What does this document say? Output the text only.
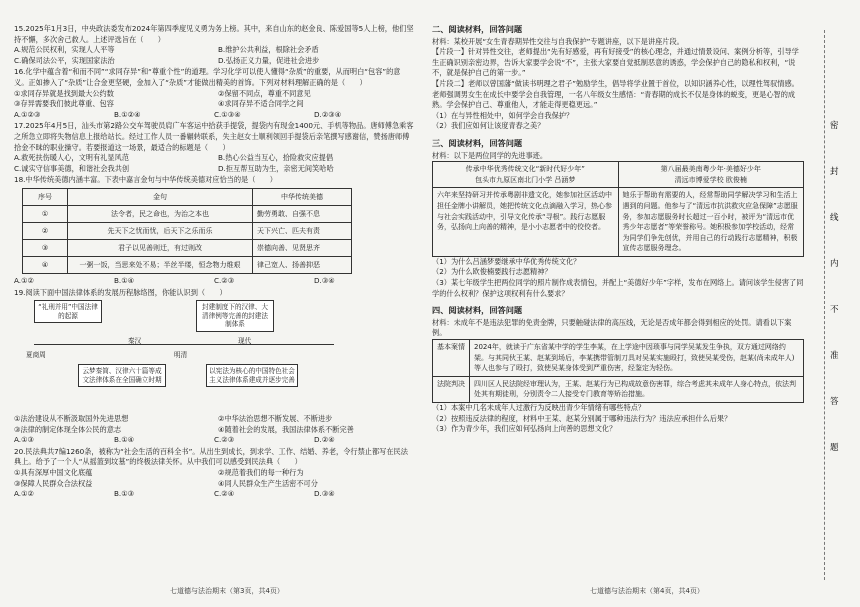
15.2025年1月3日，中央政法委发布2024年第四季度见义勇为务上榜。其中，来自山东的赵金良、陈爱国等5人上榜，他们坚持不懈，多次舍己救人。上述评选旨在（　　）

A.规范公民权利，实现人人平等	B.维护公共利益，根除社会矛盾
C.确保司法公平，实现国家法治	D.弘扬正义力量，促进社会进步

16.化学中蕴含着“和而不同”“求同存异”和“尊重个性”的道理。学习化学可以使人懂得“杂质”的重要，从而明白“包容”的意义。正如掺入了“杂质”让合金更坚硬，金加入了“杂质”才能做出精美的首饰。下列对材料理解正确的是（　　）

①求同存异就是找到最大公约数	②保留不同点，尊重不同意见
③存异需要我们彼此尊重、包容	④求同存异不适合同学之间
A.①②③	B.①②④	C.①③④	D.②③④

17.2025年4月5日，汕头市第2路公交车驾驶员肩广车客运中拾获手提袋，提袋内有现金1400元、手机等物品。唐师傅急乘客之所急立即将失物信息上报给站长。经过工作人员一番辗转联系，失主赵女士顺利领回手提袋后亲笔撰写感谢信，赞扬唐师傅拾金不昧的职业操守。若要报道这一场景，最适合的标题是（　　）

A.救死扶伤暖人心，文明有礼显风范	B.热心公益当互心，拾险救灾应提倡
C.诚实守信事美德，和谐社会我共创	D.拒互帮互助为生，亲密无间笑哈哈

18.中华传统美德内涵丰富。下表中嘉言金句与中华传统美德对应恰当的是（　　）

序号	金句	中华传统美德
①	法令者，民之命也，为治之本也	勤劳勇敢、自强不息
②	先天下之忧而忧，后天下之乐而乐	天下兴亡、匹夫有责
③	君子以见善则迁，有过则改	崇德向善、见贤思齐
④	一粥一饭，当思来处不易；半丝半缕，恒念物力维艰	律己宽人、扬善抑恶
A.①②	B.①④	C.②③	D.③④

19.阅读下面中国法律体系的发展历程脉络图，你能认识到（　　）

“礼刑并用”中国法律的起源
封建制度下的汉律、大清律例等完善的封建法制体系
夏商周
秦汉
明清
现代
云梦秦简、汉律六十篇等成文法律体系在全国确立时期
以宪法为核心的中国特色社会主义法律体系建成并逐步完善
①法治建设从不断汲取国外先进思想	②中华法治思想不断发展、不断进步
③法律的制定体现全体公民的意志	④随着社会的发展，我国法律体系不断完善
A.①③	B.①④	C.②③	D.②④

20.民法典共7编1260条，被称为“社会生活的百科全书”。从出生到成长，到求学、工作、结婚、养老，令行禁止都写在民法典上。给予了一个人“从摇篮到坟墓”的终极法律关怀。从中我们可以感受到民法典（　　）

①具有深厚中国文化底蕴	②规范着我们的每一种行为
③保障人民群众合法权益	④同人民群众生产生活密不可分
A.①②	B.①③	C.②④	D.③④
二、阅读材料，回答问题

材料：某校开展“女生青春期异性交往与自我保护”专题讲座，以下是讲座片段。

【片段一】针对异性交往，老师提出“先有好感爱，再有好接受”的核心理念，并通过情景设问、案例分析等，引导学生正确识别亲密边界，告诉大家要学会说“不”，主张大家要自觉抵制恶意的诱惑，学会保护自己的隐私和权利，“说不，就是保护自己的第一步。”

【片段二】老师以曾国藩“做读书明理之君子”勉励学生，倡导将学业置于首位，以知识涵养心性，以理性驾驭情感。老师强调男女生在成长中要学会自我管理，一名八年级女生感悟：“青春期的成长不仅是身体的蜕变，更是心智的成熟。学会保护自己、尊重他人，才能走得更稳更远。”

（1）在与异性相处中，如何学会自我保护？

（2）我们应如何让该度青春之美？

三、阅读材料，回答问题

材料：以下是两位同学的先进事迹。

传承中华优秀传统文化“新时代好少年”
包头市九原区南北门小学 吕涵梦	第八届最美南粤少年·美德好少年
清远市博爱学校 欧俊楠
六年来坚持研习并传承粤剧非遗文化，她参加社区活动中担任金牌小讲解员，她把传统文化点滴融入学习，热心参与社会实践活动中，引导文化传承“寻根”。践行志愿服务，弘扬向上向善的精神，是小小志愿者中的佼佼者。	她乐于帮助有需要的人，经常帮助同学解决学习和生活上遇到的问题。他参与了“清远市抗洪救灾应急保障”志愿服务，参加志愿服务时长超过一百小时，被评为“清远市优秀少年志愿者”等荣誉称号。她积极参加学校活动，经常为同学们争先创优，并用自己的行动践行志愿精神，积极宣传志愿服务理念。

（1）为什么吕涵梦要继承中华优秀传统文化？

（2）为什么欧俊楠要践行志愿精神？

（3）某七年级学生把两位同学的照片制作成表情包，并配上“美德好少年”字样，发布在网络上。请问该学生侵害了同学的什么权利？保护这项权利有什么要求？

四、阅读材料，回答问题

材料：未成年不是违法犯罪的免责金牌，只要触碰法律的高压线，无论是否成年都会得到相应的处罚。请看以下案例。

基本案情	2024年，就读于广东省某中学的学生李某，在上学途中因琐事与同学吴某发生争执，双方通过网络约架。与其同伙王某、赵某到场后，李某携带管制刀具对吴某实施殴打，致使吴某受伤，赵某(尚未成年人)等人也参与了殴打，致使吴某身体受到严重伤害，经鉴定为轻伤。
法院判决	四川区人民法院经审理认为，王某、赵某行为已构成故意伤害罪，综合考虑其未成年人身心特点，依法判处其有期徒刑，分别责令二人接受专门教育等矫治措施。

（1）本案中几名未成年人过激行为反映出青少年情绪有哪些特点？

（2）按照违反法律的程度，材料中王某、赵某分别属于哪种违法行为？违法应承担什么后果？

（3）作为青少年，我们应如何弘扬向上向善的思想文化？

七道德与法治期末（第3页，共4页）	七道德与法治期末（第4页，共4页）
密
封
线
内
不
准
答
题
